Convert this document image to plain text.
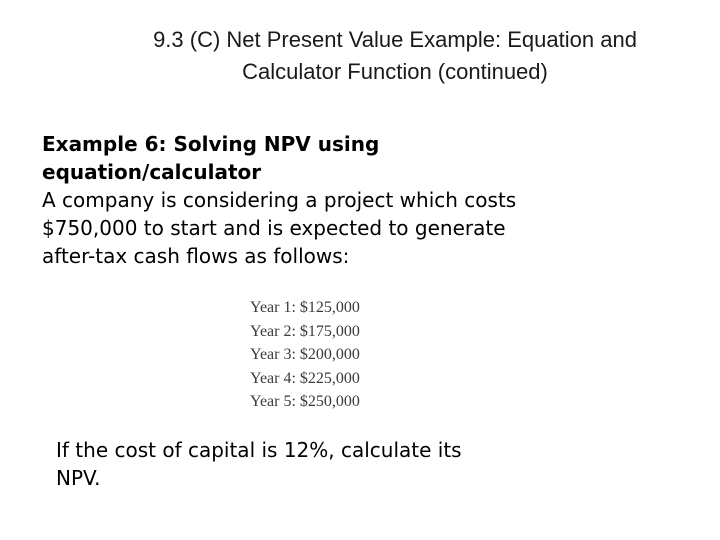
9.3 (C) Net Present Value Example: Equation and
Calculator Function (continued)
Example 6: Solving NPV using
equation/calculator
A company is considering a project which costs
$750,000 to start and is expected to generate
after-tax cash flows as follows:
Year 1: $125,000
Year 2: $175,000
Year 3: $200,000
Year 4: $225,000
Year 5: $250,000
If the cost of capital is 12%, calculate its
NPV.
